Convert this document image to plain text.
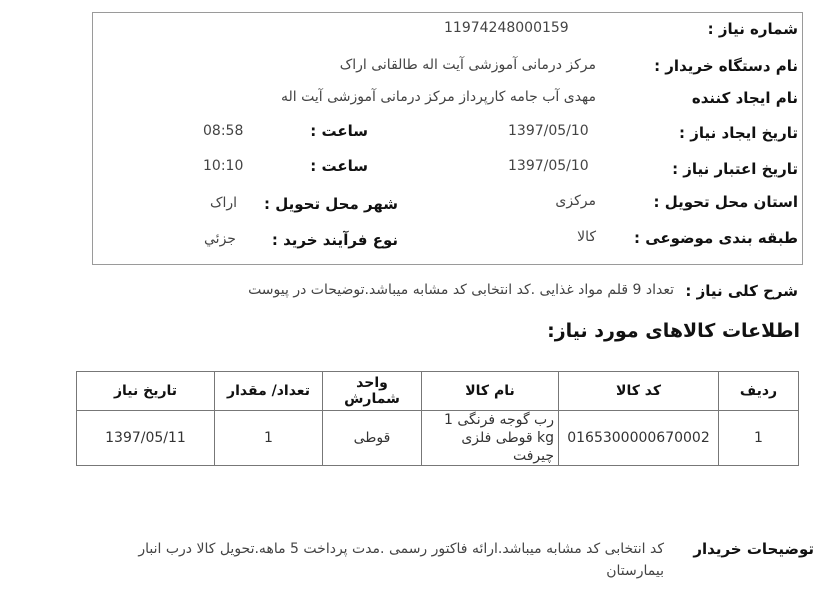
شماره نیاز :
11974248000159
نام دستگاه خریدار :
مرکز درمانی آموزشی آیت اله طالقانی اراک
نام ایجاد کننده
مهدی آب جامه کارپرداز مرکز درمانی آموزشی آیت اله
تاریخ ایجاد نیاز :
1397/05/10
ساعت :
08:58
تاریخ اعتبار نیاز :
1397/05/10
ساعت :
10:10
استان محل تحویل :
مرکزی
شهر محل تحویل :
اراک
طبقه بندی موضوعی :
کالا
نوع فرآیند خرید :
جزئي
شرح کلی نیاز :
تعداد 9 قلم مواد غذایی .کد انتخابی کد مشابه میباشد.توضیحات در پیوست
اطلاعات کالاهای مورد نیاز:
ردیف	کد کالا	نام کالا	واحد شمارش	تعداد/ مقدار	تاریخ نیاز
1	0165300000670002	رب گوجه فرنگی 1 kg قوطی فلزی چیرفت	قوطی	1	1397/05/11
توضیحات خریدار
کد انتخابی کد مشابه میباشد.ارائه فاکتور رسمی .مدت پرداخت 5 ماهه.تحویل کالا درب انبار بیمارستان
